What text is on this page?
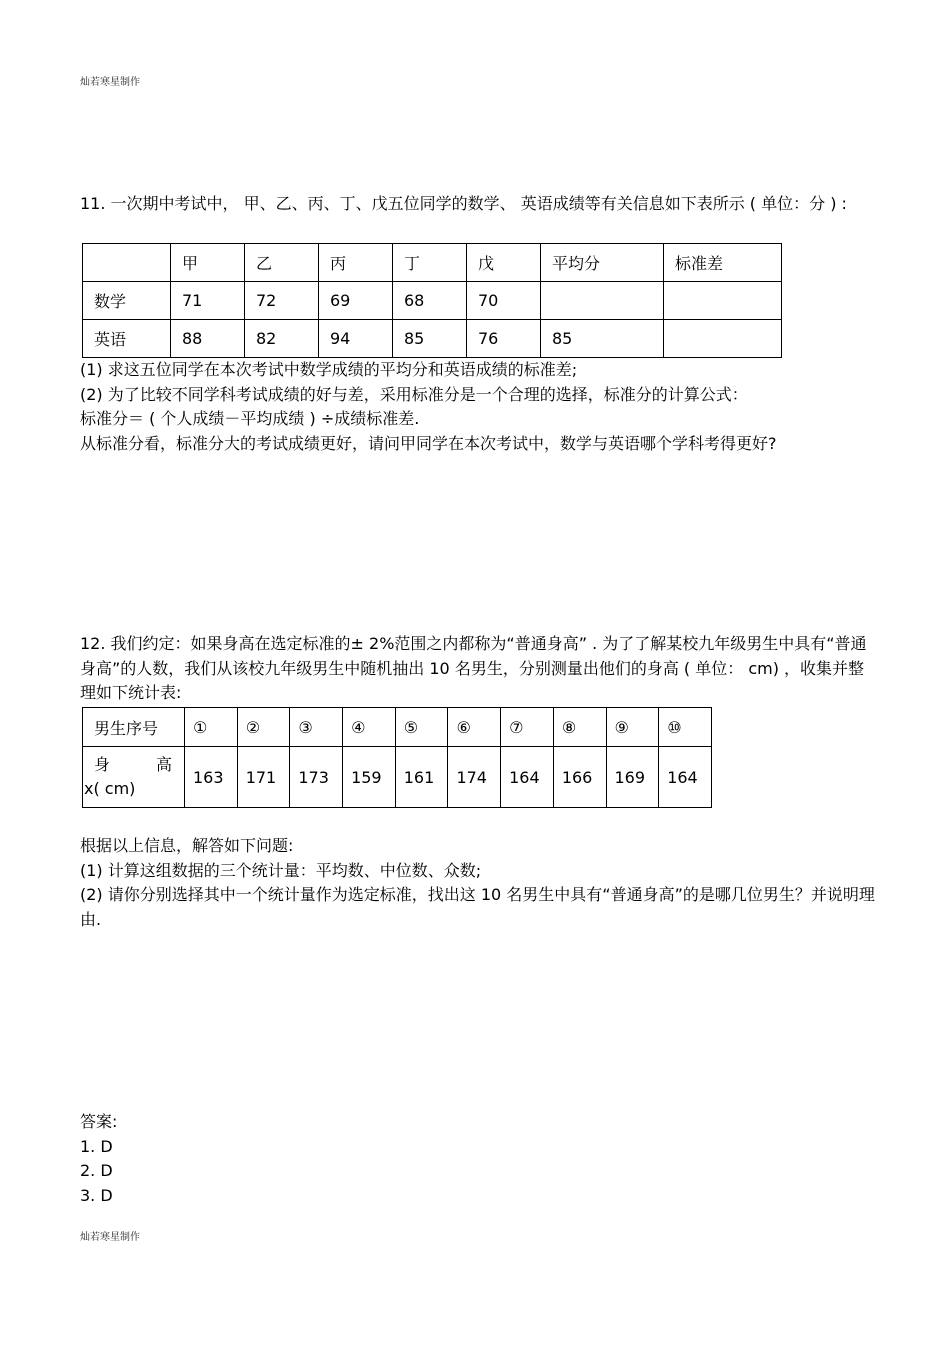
灿若寒星制作

11. 一次期中考试中， 甲、乙、丙、丁、戊五位同学的数学、 英语成绩等有关信息如下表所示 ( 单位：分 ) :

	甲	乙	丙	丁	戊	平均分	标准差
数学	71	72	69	68	70		
英语	88	82	94	85	76	85	

(1) 求这五位同学在本次考试中数学成绩的平均分和英语成绩的标准差;

(2) 为了比较不同学科考试成绩的好与差，采用标准分是一个合理的选择，标准分的计算公式：

标准分＝ ( 个人成绩－平均成绩 ) ÷成绩标准差.

从标准分看，标准分大的考试成绩更好，请问甲同学在本次考试中，数学与英语哪个学科考得更好?

12. 我们约定：如果身高在选定标准的± 2%范围之内都称为“普通身高” . 为了了解某校九年级男生中具有“普通身高”的人数，我们从该校九年级男生中随机抽出 10 名男生，分别测量出他们的身高 ( 单位： cm) ，收集并整理如下统计表:

男生序号	①	②	③	④	⑤	⑥	⑦	⑧	⑨	⑩

身 高
x( cm)	163	171	173	159	161	174	164	166	169	164

根据以上信息，解答如下问题:

(1) 计算这组数据的三个统计量：平均数、中位数、众数;

(2) 请你分别选择其中一个统计量作为选定标准，找出这 10 名男生中具有“普通身高”的是哪几位男生？并说明理由.

答案:

1. D

2. D

3. D

灿若寒星制作
